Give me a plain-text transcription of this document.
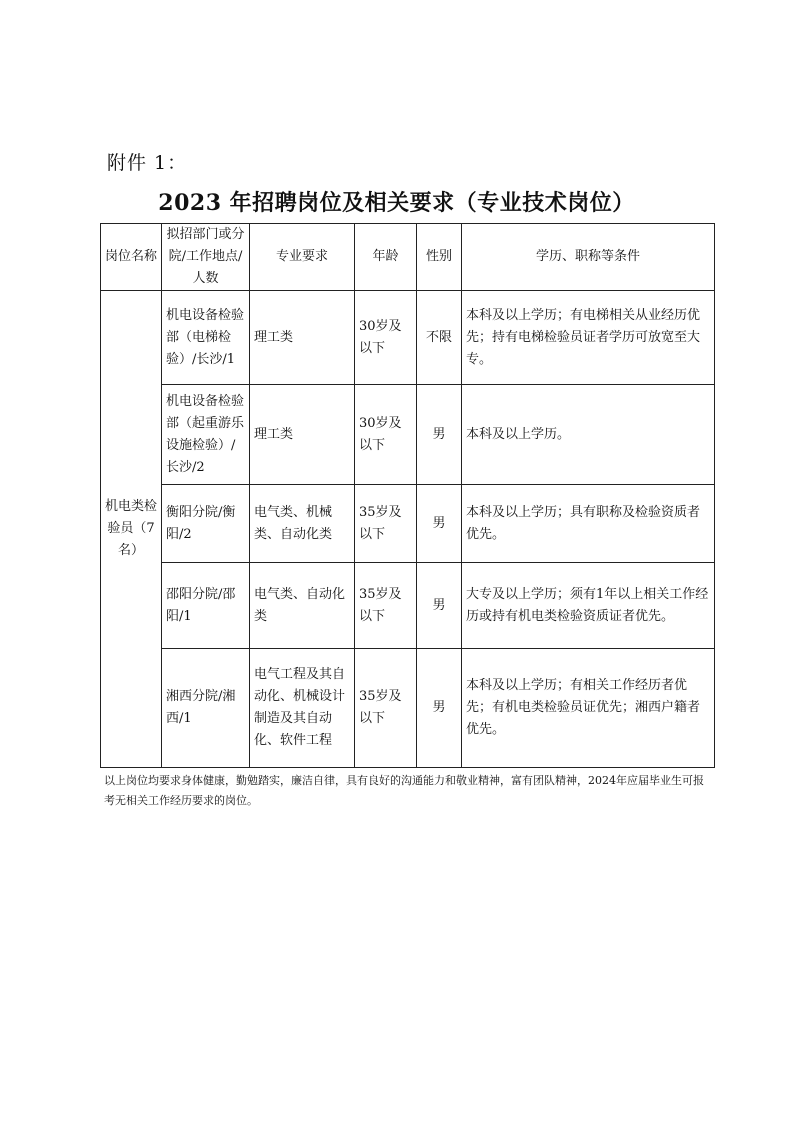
附件 1：
2023 年招聘岗位及相关要求（专业技术岗位）
岗位名称	拟招部门或分院/工作地点/人数	专业要求	年龄	性别	学历、职称等条件
机电类检验员（7名）	机电设备检验部（电梯检验）/长沙/1	理工类	30岁及以下	不限	本科及以上学历；有电梯相关从业经历优先；持有电梯检验员证者学历可放宽至大专。
	机电设备检验部（起重游乐设施检验）/长沙/2	理工类	30岁及以下	男	本科及以上学历。
	衡阳分院/衡阳/2	电气类、机械类、自动化类	35岁及以下	男	本科及以上学历；具有职称及检验资质者优先。
	邵阳分院/邵阳/1	电气类、自动化类	35岁及以下	男	大专及以上学历；须有1年以上相关工作经历或持有机电类检验资质证者优先。
	湘西分院/湘西/1	电气工程及其自动化、机械设计制造及其自动化、软件工程	35岁及以下	男	本科及以上学历；有相关工作经历者优先；有机电类检验员证优先；湘西户籍者优先。
以上岗位均要求身体健康，勤勉踏实，廉洁自律，具有良好的沟通能力和敬业精神，富有团队精神，2024年应届毕业生可报考无相关工作经历要求的岗位。
